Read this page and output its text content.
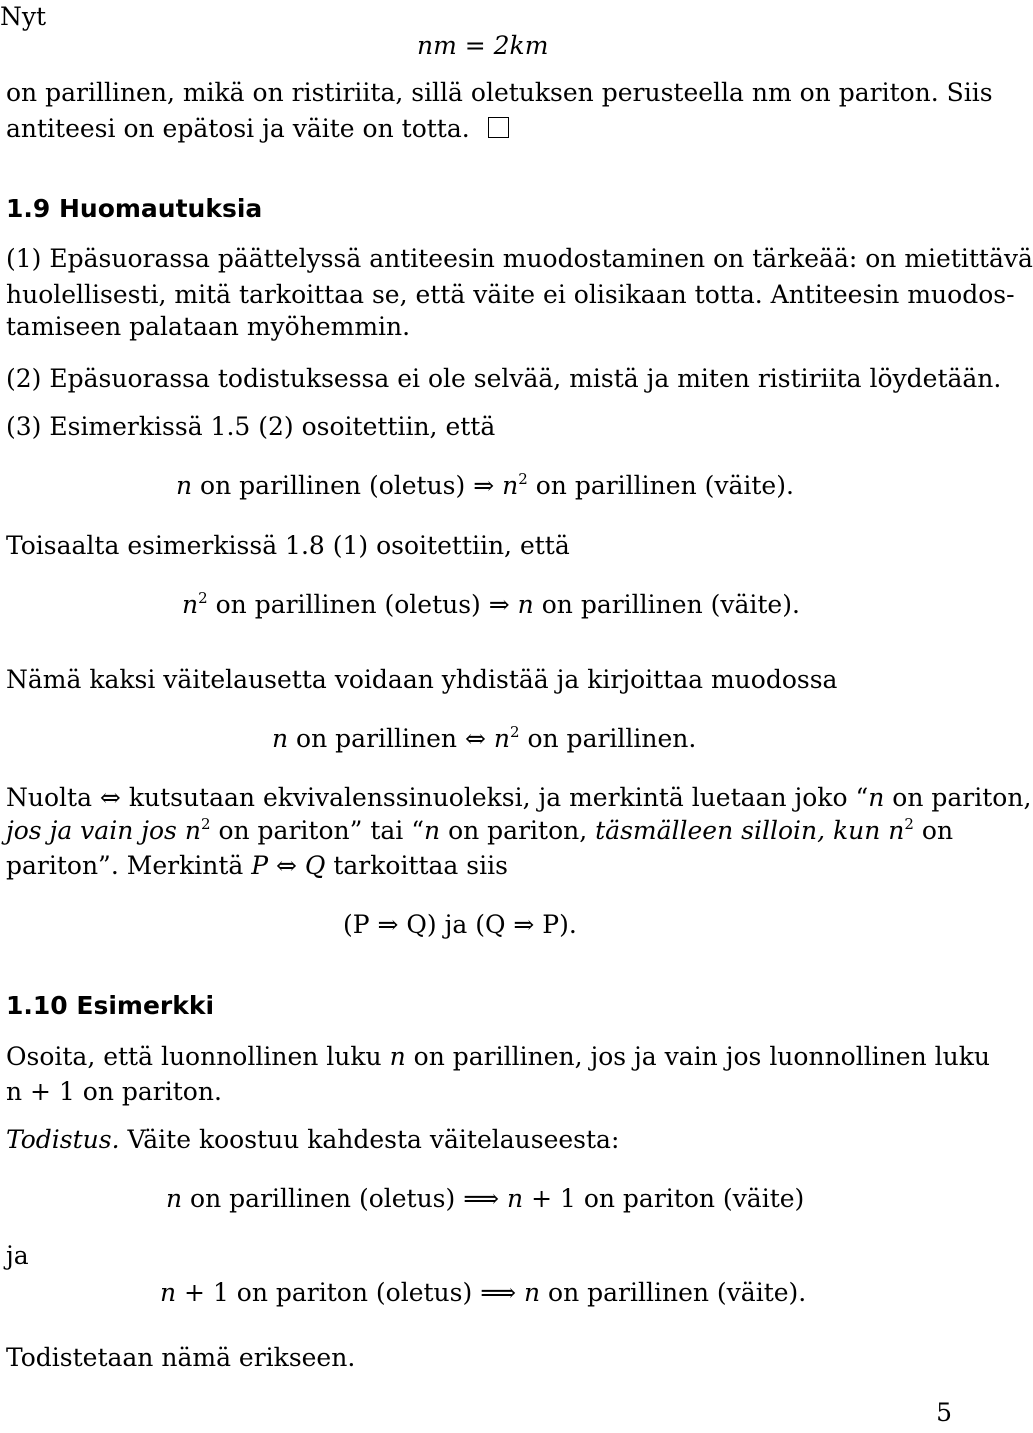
Nyt
nm = 2km
on parillinen, mikä on ristiriita, sillä oletuksen perusteella nm on pariton. Siis
antiteesi on epätosi ja väite on totta.
1.9 Huomautuksia
(1) Epäsuorassa päättelyssä antiteesin muodostaminen on tärkeää: on mietittävä
huolellisesti, mitä tarkoittaa se, että väite ei olisikaan totta. Antiteesin muodos-
tamiseen palataan myöhemmin.
(2) Epäsuorassa todistuksessa ei ole selvää, mistä ja miten ristiriita löydetään.
(3) Esimerkissä 1.5 (2) osoitettiin, että
n on parillinen (oletus) ⇒ $n^2$ on parillinen (väite).
Toisaalta esimerkissä 1.8 (1) osoitettiin, että
$n^2$ on parillinen (oletus) ⇒ n on parillinen (väite).
Nämä kaksi väitelausetta voidaan yhdistää ja kirjoittaa muodossa
n on parillinen ⇔ $n^2$ on parillinen.
Nuolta ⇔ kutsutaan ekvivalenssinuoleksi, ja merkintä luetaan joko “n on pariton,
jos ja vain jos $n^2$ on pariton” tai “n on pariton, täsmälleen silloin, kun $n^2$ on
pariton”. Merkintä P ⇔ Q tarkoittaa siis
(P ⇒ Q) ja (Q ⇒ P).
1.10 Esimerkki
Osoita, että luonnollinen luku n on parillinen, jos ja vain jos luonnollinen luku
n + 1 on pariton.
Todistus. Väite koostuu kahdesta väitelauseesta:
n on parillinen (oletus) ⟹ n + 1 on pariton (väite)
ja
n + 1 on pariton (oletus) ⟹ n on parillinen (väite).
Todistetaan nämä erikseen.
5
